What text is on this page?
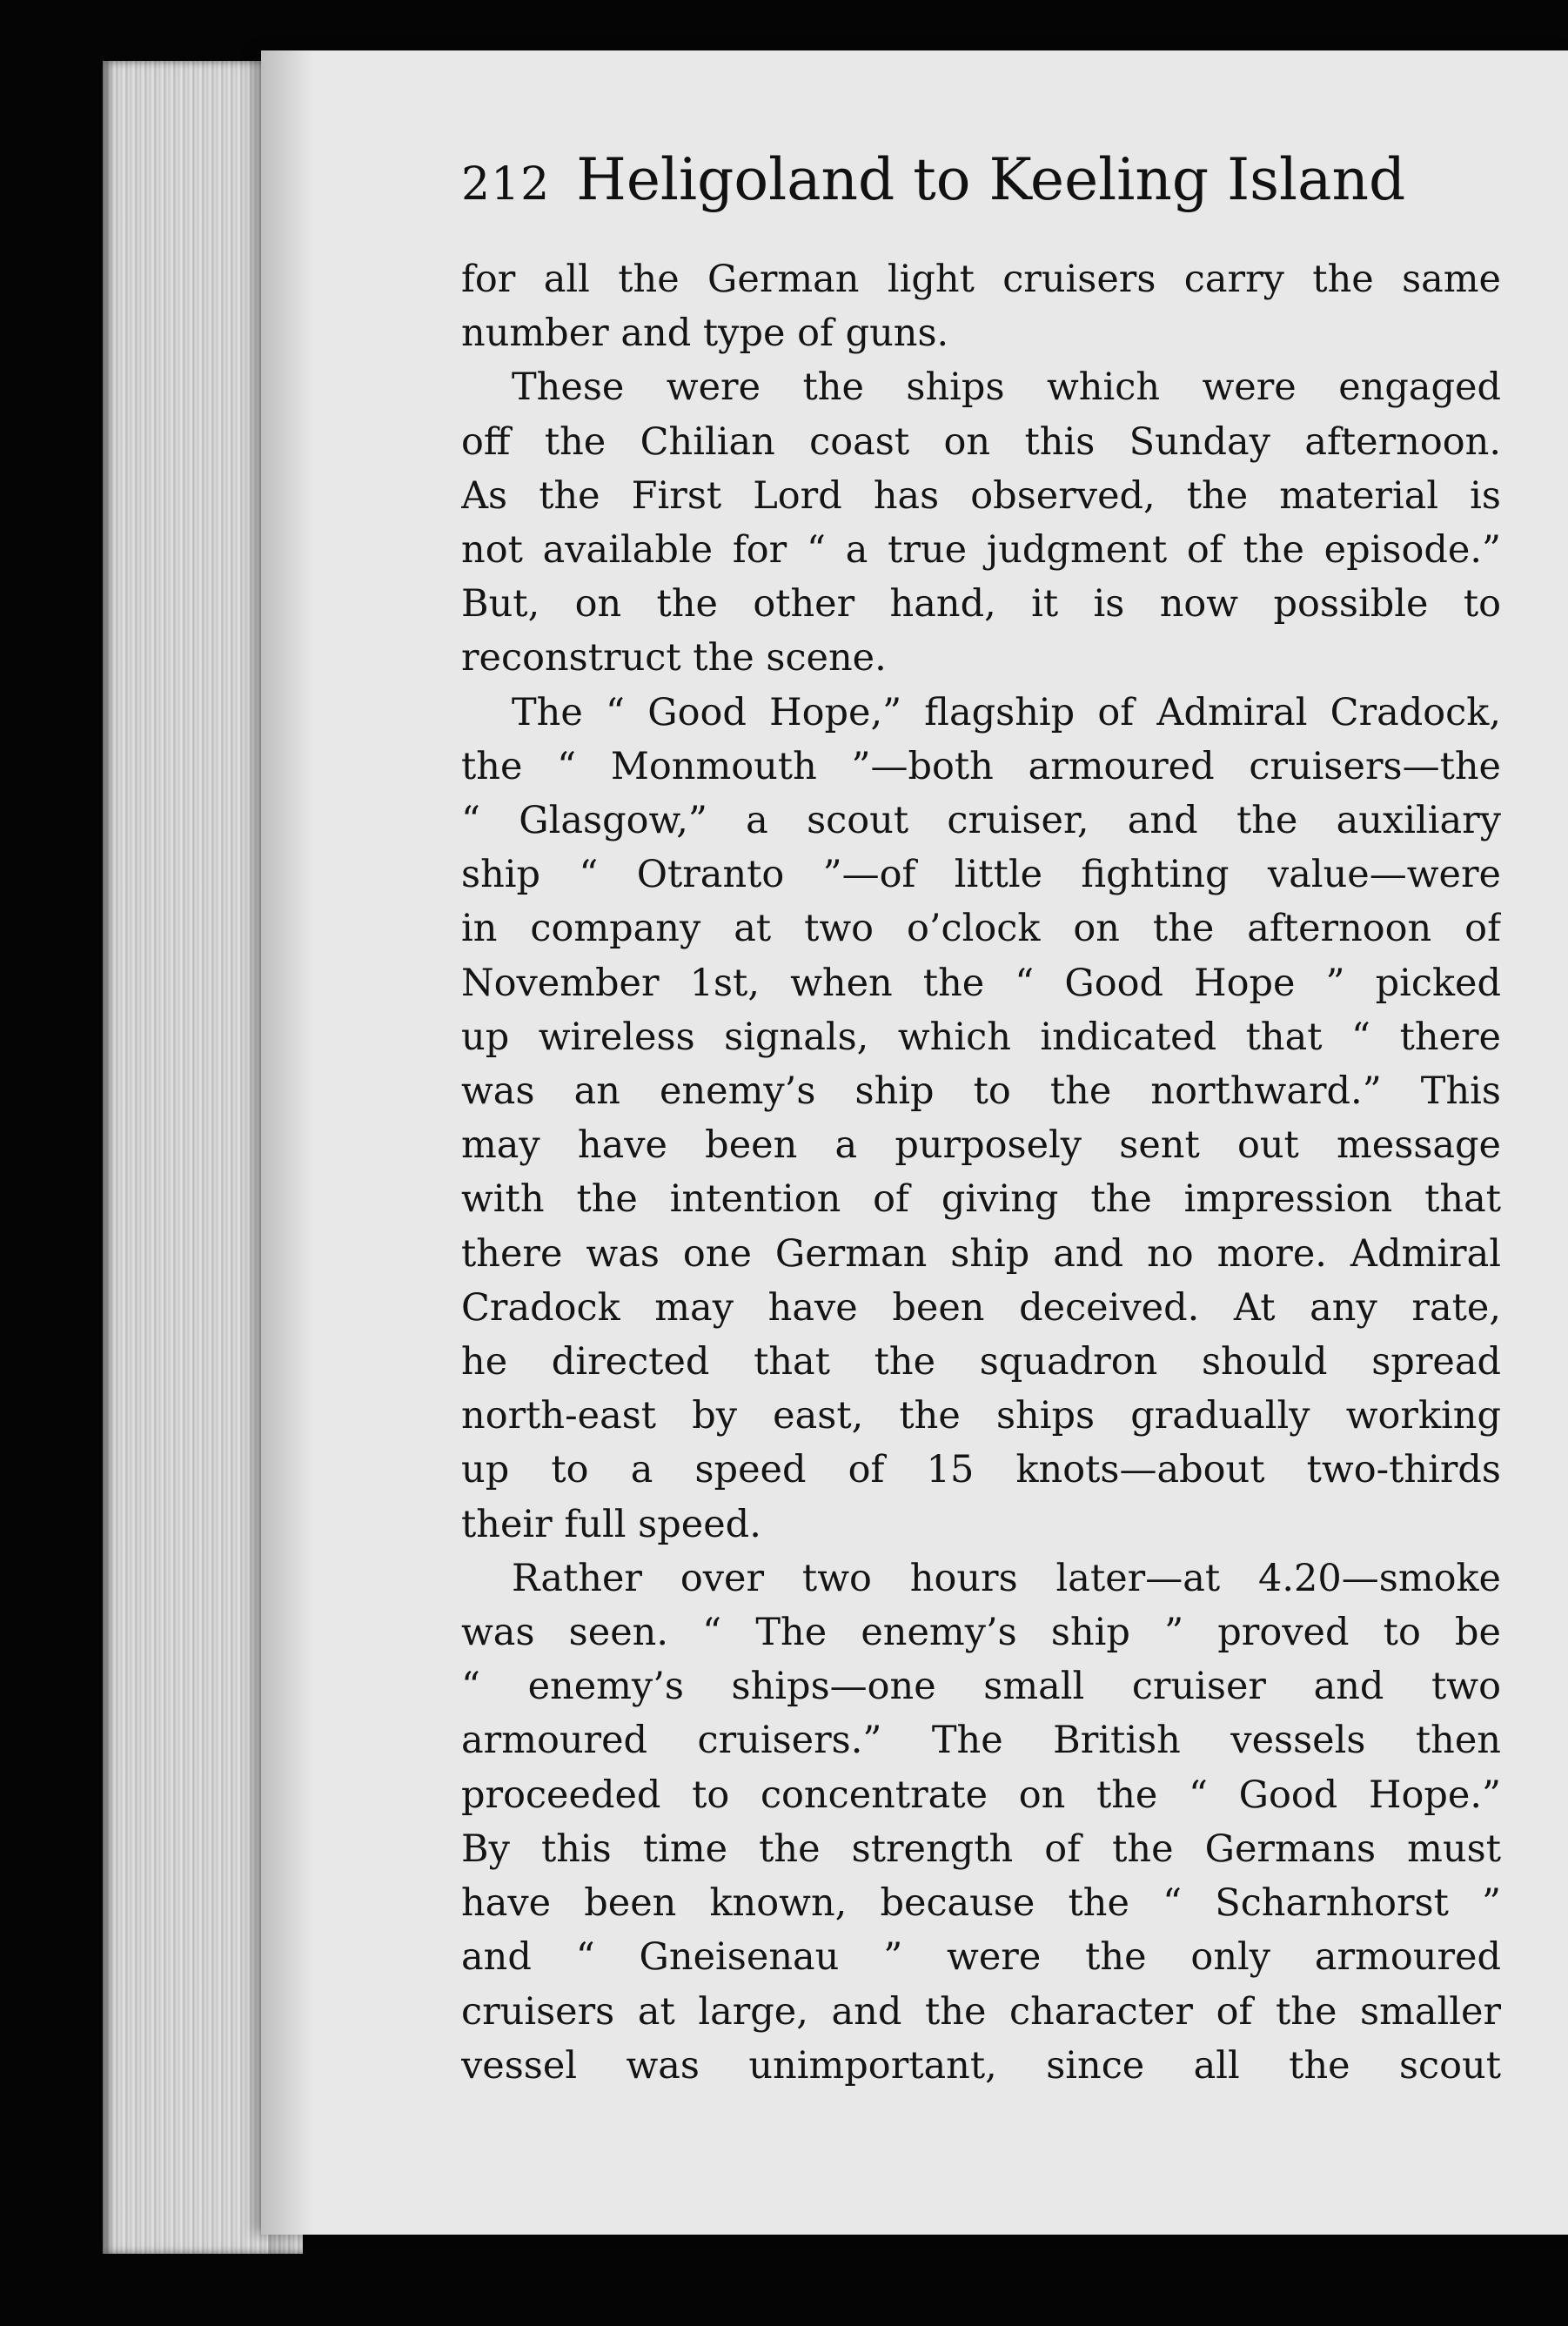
212 Heligoland to Keeling Island
for all the German light cruisers carry the same
number and type of guns.
These were the ships which were engaged
off the Chilian coast on this Sunday afternoon.
As the First Lord has observed, the material is
not available for “ a true judgment of the episode.”
But, on the other hand, it is now possible to
reconstruct the scene.
The “ Good Hope,” flagship of Admiral Cradock,
the “ Monmouth ”—both armoured cruisers—the
“ Glasgow,” a scout cruiser, and the auxiliary
ship “ Otranto ”—of little fighting value—were
in company at two o’clock on the afternoon of
November 1st, when the “ Good Hope ” picked
up wireless signals, which indicated that “ there
was an enemy’s ship to the northward.” This
may have been a purposely sent out message
with the intention of giving the impression that
there was one German ship and no more. Admiral
Cradock may have been deceived. At any rate,
he directed that the squadron should spread
north-east by east, the ships gradually working
up to a speed of 15 knots—about two-thirds
their full speed.
Rather over two hours later—at 4.20—smoke
was seen. “ The enemy’s ship ” proved to be
“ enemy’s ships—one small cruiser and two
armoured cruisers.” The British vessels then
proceeded to concentrate on the “ Good Hope.”
By this time the strength of the Germans must
have been known, because the “ Scharnhorst ”
and “ Gneisenau ” were the only armoured
cruisers at large, and the character of the smaller
vessel was unimportant, since all the scout
